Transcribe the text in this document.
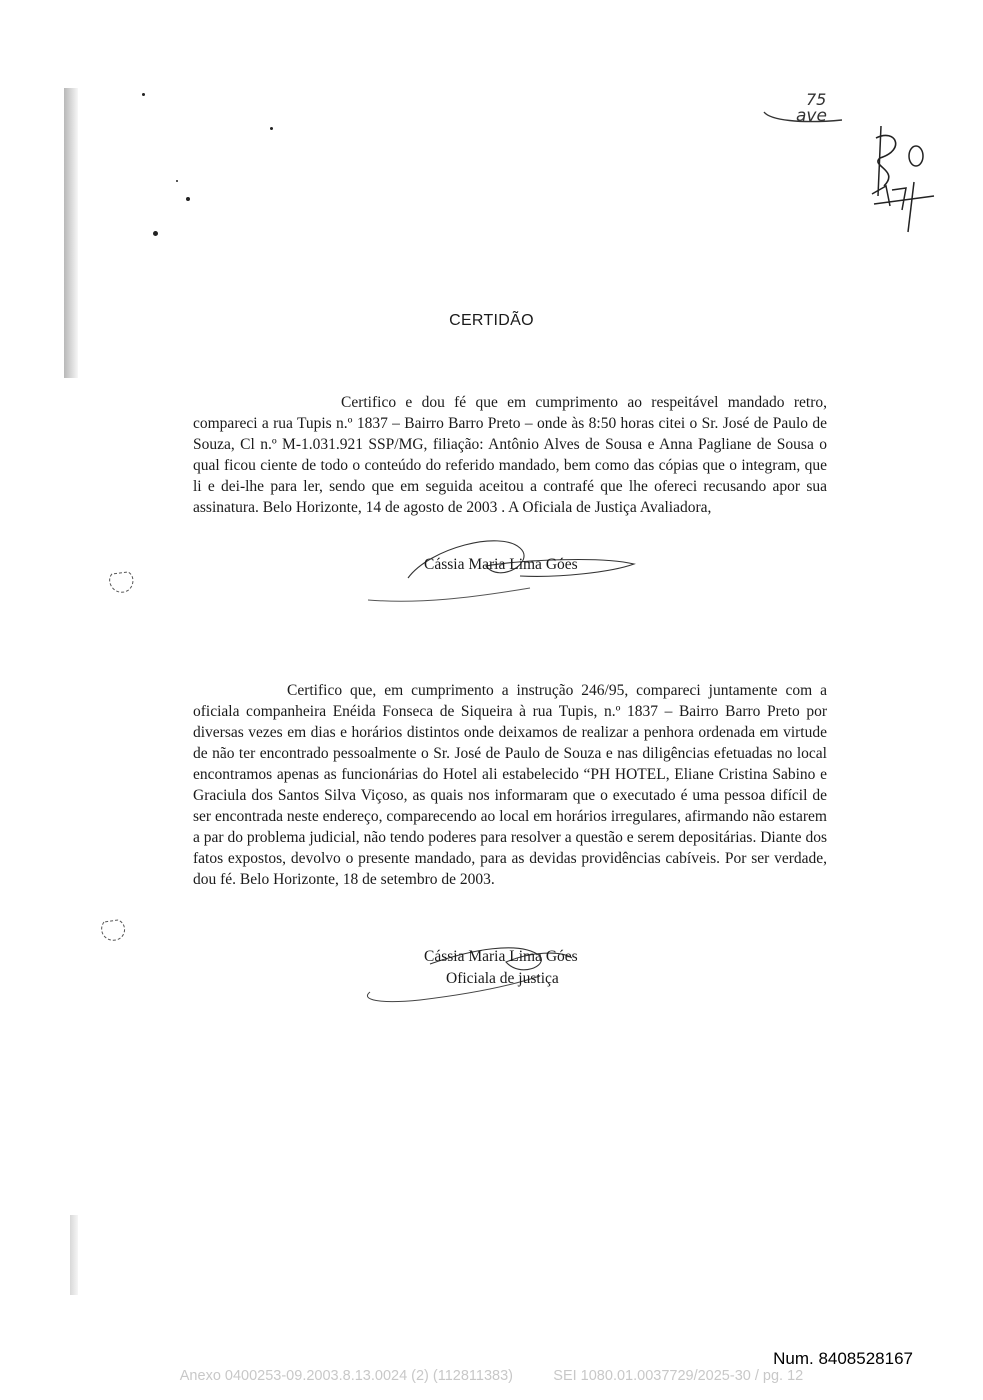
75
ave
CERTIDÃO

Certifico e dou fé que em cumprimento ao respeitável mandado retro, compareci a rua Tupis n.º 1837 – Bairro Barro Preto – onde às 8:50 horas citei o Sr. José de Paulo de Souza, Cl n.º M-1.031.921 SSP/MG, filiação: Antônio Alves de Sousa e Anna Pagliane de Sousa o qual ficou ciente de todo o conteúdo do referido mandado, bem como das cópias que o integram, que li e dei-lhe para ler, sendo que em seguida aceitou a contrafé que lhe ofereci recusando apor sua assinatura. Belo Horizonte, 14 de agosto de 2003 . A Oficiala de Justiça Avaliadora,

Cássia Maria Lima Góes

Certifico que, em cumprimento a instrução 246/95, compareci juntamente com a oficiala companheira Enéida Fonseca de Siqueira à rua Tupis, n.º 1837 – Bairro Barro Preto por diversas vezes em dias e horários distintos onde deixamos de realizar a penhora ordenada em virtude de não ter encontrado pessoalmente o Sr. José de Paulo de Souza e nas diligências efetuadas no local encontramos apenas as funcionárias do Hotel ali estabelecido “PH HOTEL, Eliane Cristina Sabino e Graciula dos Santos Silva Viçoso, as quais nos informaram que o executado é uma pessoa difícil de ser encontrada neste endereço, comparecendo ao local em horários irregulares, afirmando não estarem a par do problema judicial, não tendo poderes para resolver a questão e serem depositárias. Diante dos fatos expostos, devolvo o presente mandado, para as devidas providências cabíveis. Por ser verdade, dou fé. Belo Horizonte, 18 de setembro de 2003.

Cássia Maria Lima Góes
Oficiala de justiça
Num. 8408528167
Anexo 0400253-09.2003.8.13.0024 (2) (112811383)          SEI 1080.01.0037729/2025-30 / pg. 12
